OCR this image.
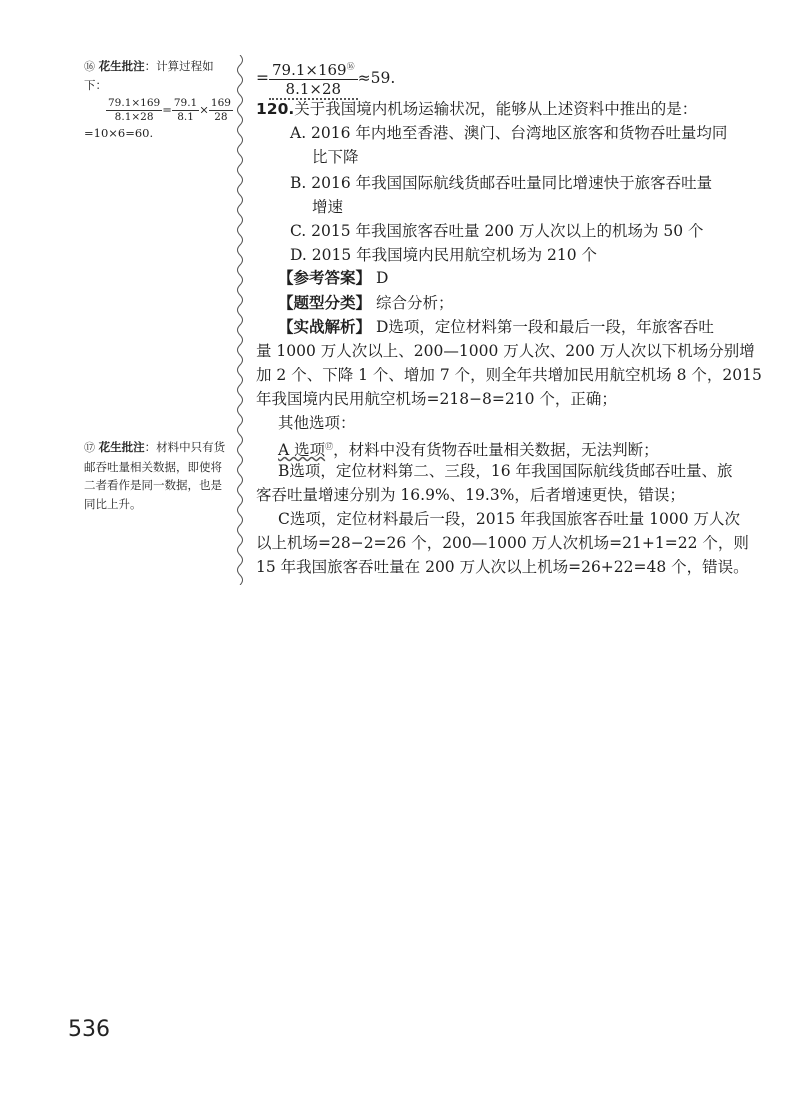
⑯ 花生批注：计算过程如下：
$\frac{79.1\times 169}{8.1\times 28} = \frac{79.1}{8.1} \times \frac{169}{28}$
=10×6=60.
⑰ 花生批注：材料中只有货
邮吞吐量相关数据，即使将
二者看作是同一数据，也是
同比上升。
= $\frac{79.1\times 169^⑯}{8.1\times 28} \approx 59$.
120.关于我国境内机场运输状况，能够从上述资料中推出的是：
A. 2016 年内地至香港、澳门、台湾地区旅客和货物吞吐量均同
比下降
B. 2016 年我国国际航线货邮吞吐量同比增速快于旅客吞吐量
增速
C. 2015 年我国旅客吞吐量 200 万人次以上的机场为 50 个
D. 2015 年我国境内民用航空机场为 210 个
【参考答案】 D
【题型分类】 综合分析；
【实战解析】 D选项，定位材料第一段和最后一段，年旅客吞吐
量 1000 万人次以上、200—1000 万人次、200 万人次以下机场分别增
加 2 个、下降 1 个、增加 7 个，则全年共增加民用航空机场 8 个，2015
年我国境内民用航空机场=218−8=210 个，正确；
其他选项：
A 选项⑰，材料中没有货物吞吐量相关数据，无法判断；
B选项，定位材料第二、三段，16 年我国国际航线货邮吞吐量、旅
客吞吐量增速分别为 16.9%、19.3%，后者增速更快，错误；
C选项，定位材料最后一段，2015 年我国旅客吞吐量 1000 万人次
以上机场=28−2=26 个，200—1000 万人次机场=21+1=22 个，则
15 年我国旅客吞吐量在 200 万人次以上机场=26+22=48 个，错误。
536
